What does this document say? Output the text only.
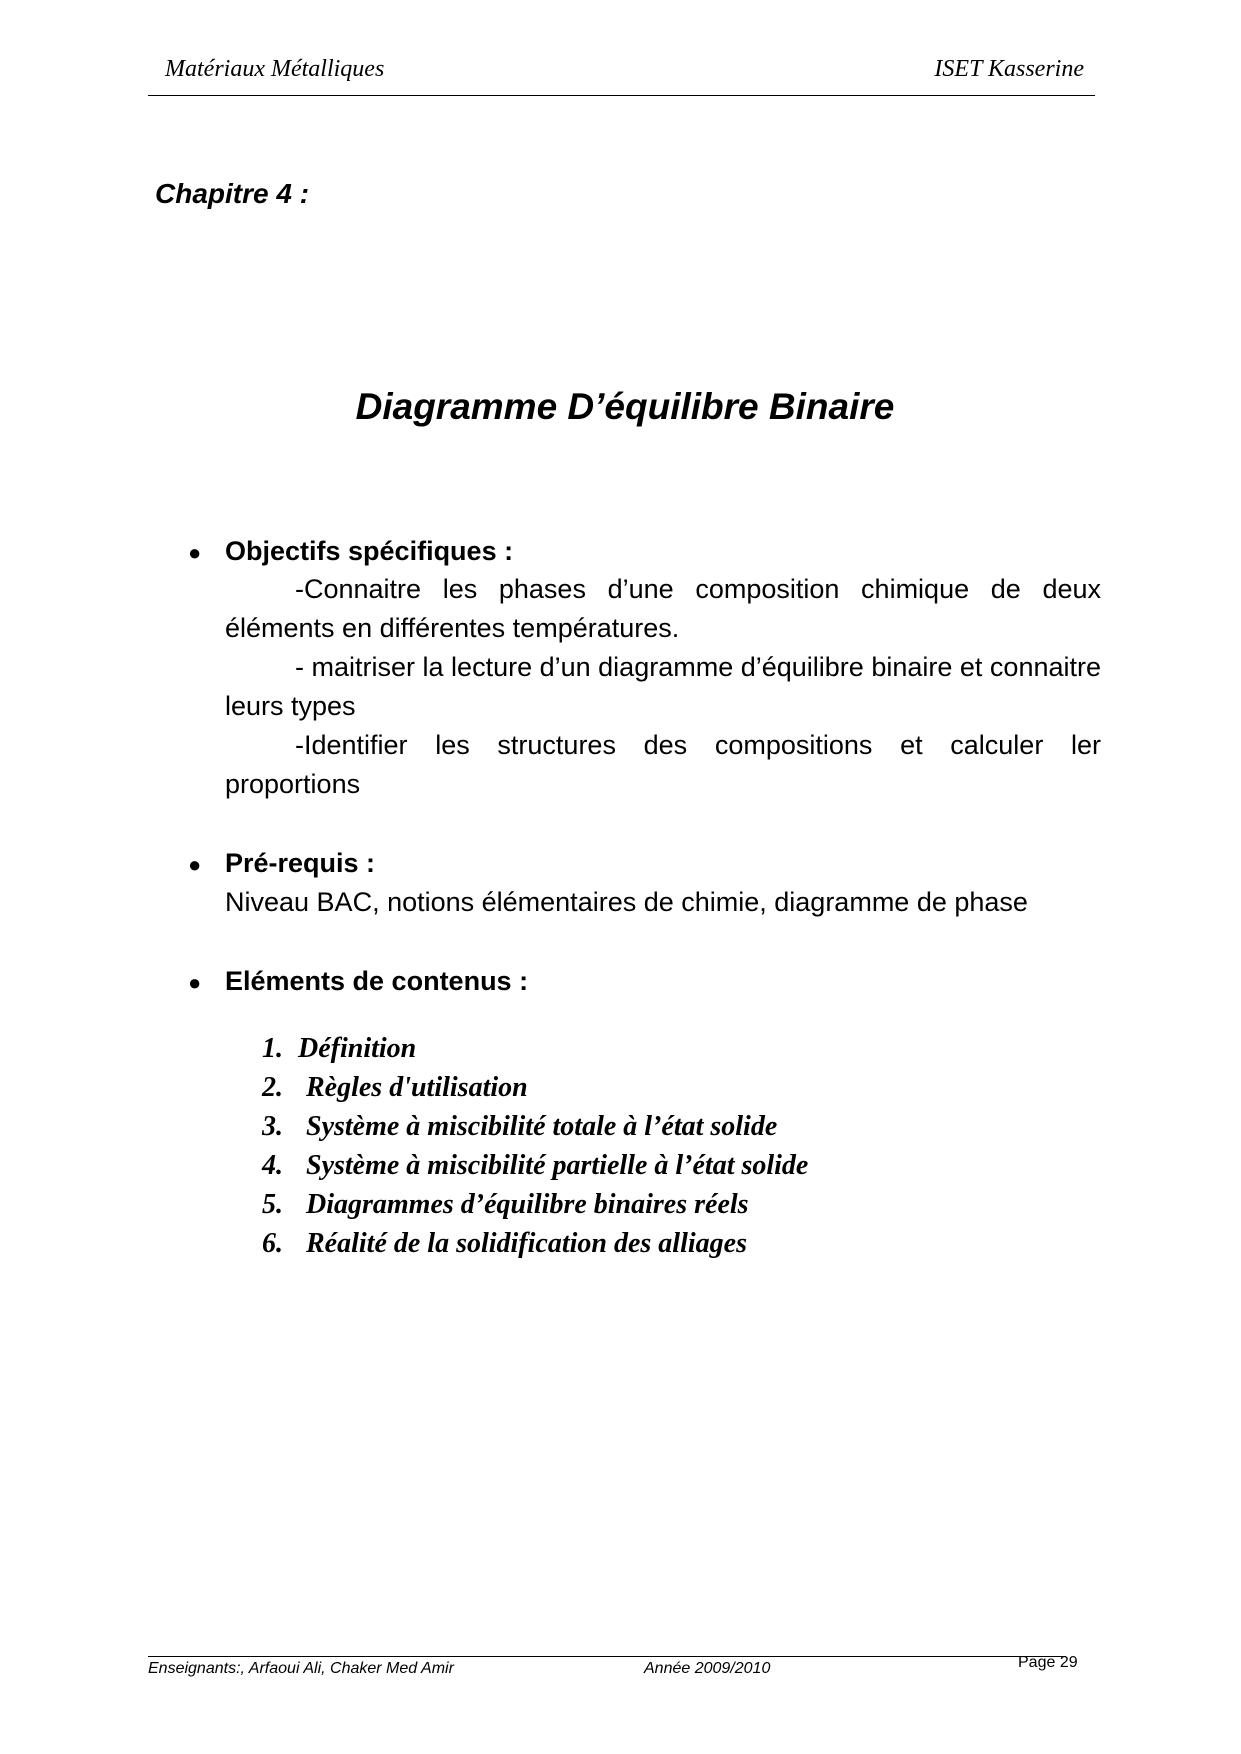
Matériaux Métalliques	ISET Kasserine
Chapitre 4 :
Diagramme D’équilibre Binaire
● Objectifs spécifiques :
-Connaitre les phases d’une composition chimique de deux éléments en différentes températures.
- maitriser la lecture d’un diagramme d’équilibre binaire et connaitre leurs types
-Identifier les structures des compositions et calculer ler proportions
● Pré-requis :
Niveau BAC, notions élémentaires de chimie, diagramme de phase
● Eléments de contenus :
1. Définition
2. Règles d'utilisation
3. Système à miscibilité totale à l’état solide
4. Système à miscibilité partielle à l’état solide
5. Diagrammes d’équilibre binaires réels
6. Réalité de la solidification des alliages
Enseignants:, Arfaoui Ali, Chaker Med Amir	Année 2009/2010	Page 29
